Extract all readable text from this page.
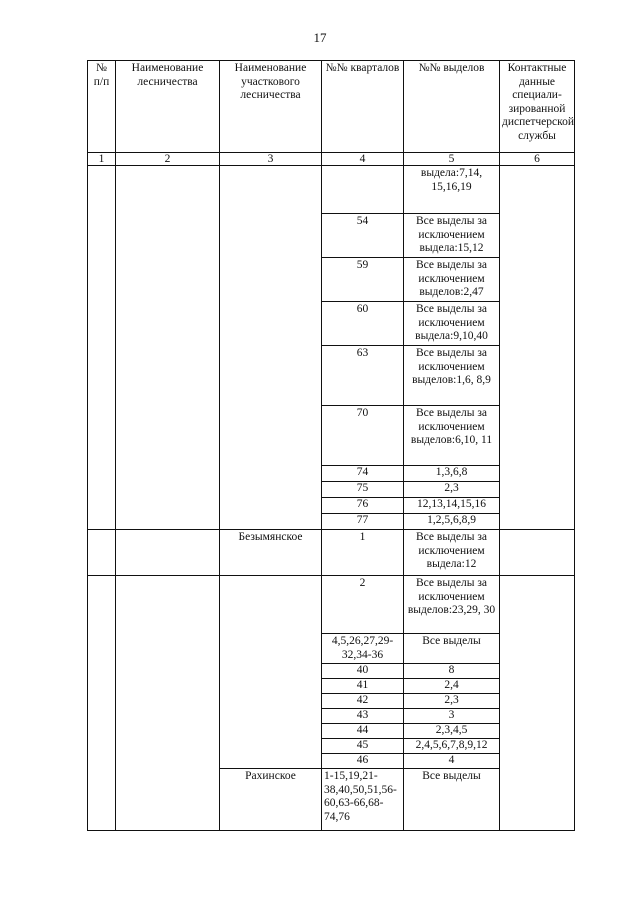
17
№ п/п	Наименование лесничества	Наименование участкового лесничества	№№ кварталов	№№ выделов	Контактные данные специали-зированной диспетчерской службы
1	2	3	4	5	6
				выдела:7,14, 15,16,19	
			54	Все выделы за исключением выдела:15,12	
			59	Все выделы за исключением выделов:2,47	
			60	Все выделы за исключением выдела:9,10,40	
			63	Все выделы за исключением выделов:1,6, 8,9	
			70	Все выделы за исключением выделов:6,10, 11	
			74	1,3,6,8	
			75	2,3	
			76	12,13,14,15,16	
			77	1,2,5,6,8,9	
		Безымянское	1	Все выделы за исключением выдела:12	
			2	Все выделы за исключением выделов:23,29, 30	
			4,5,26,27,29-32,34-36	Все выделы	
			40	8	
			41	2,4	
			42	2,3	
			43	3	
			44	2,3,4,5	
			45	2,4,5,6,7,8,9,12	
			46	4	
		Рахинское	1-15,19,21-38,40,50,51,56-60,63-66,68-74,76	Все выделы	
